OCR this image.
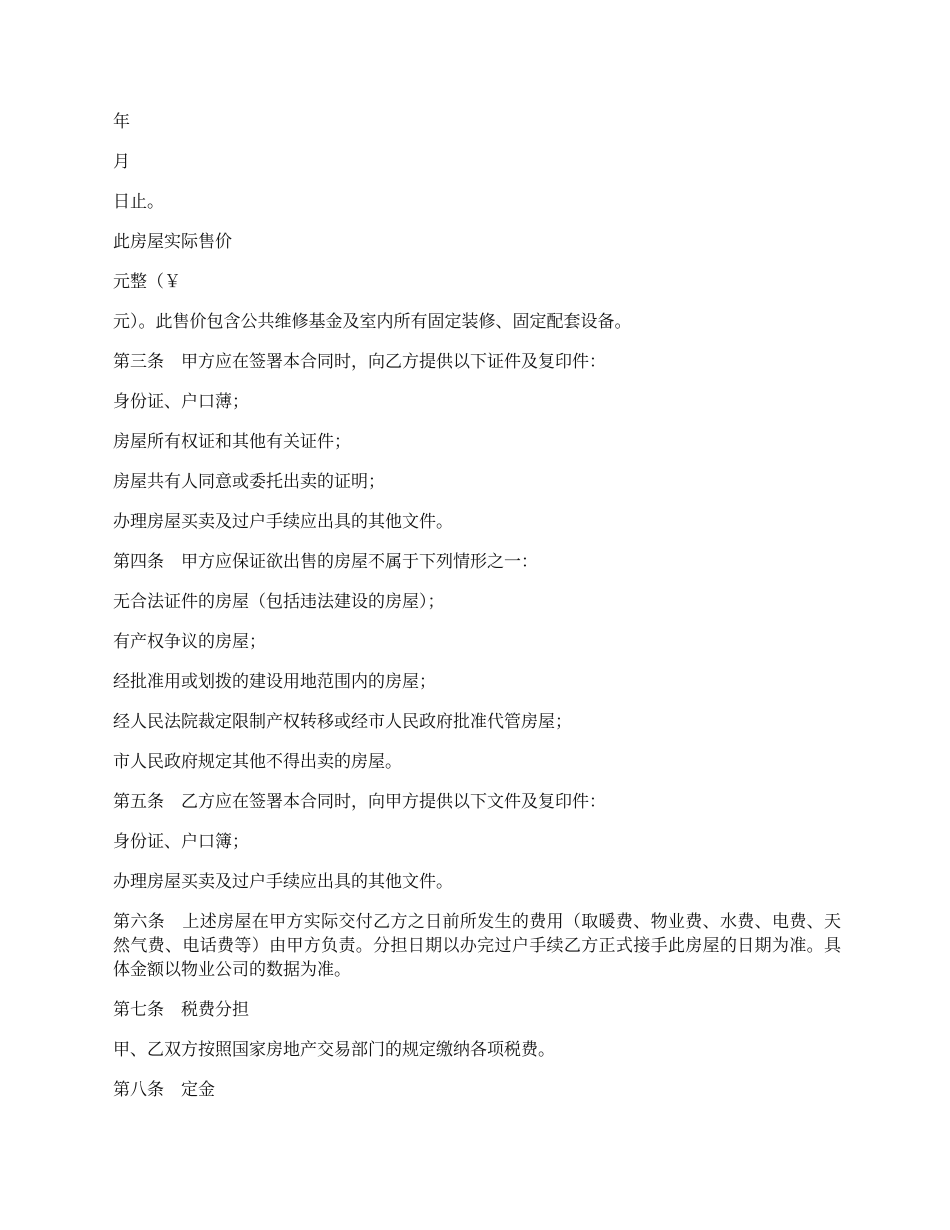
年

月

日止。

此房屋实际售价

元整（￥

元）。此售价包含公共维修基金及室内所有固定装修、固定配套设备。

第三条　甲方应在签署本合同时，向乙方提供以下证件及复印件：

身份证、户口薄；

房屋所有权证和其他有关证件；

房屋共有人同意或委托出卖的证明；

办理房屋买卖及过户手续应出具的其他文件。

第四条　甲方应保证欲出售的房屋不属于下列情形之一：

无合法证件的房屋（包括违法建设的房屋）；

有产权争议的房屋；

经批准用或划拨的建设用地范围内的房屋；

经人民法院裁定限制产权转移或经市人民政府批准代管房屋；

市人民政府规定其他不得出卖的房屋。

第五条　乙方应在签署本合同时，向甲方提供以下文件及复印件：

身份证、户口簿；

办理房屋买卖及过户手续应出具的其他文件。

第六条　上述房屋在甲方实际交付乙方之日前所发生的费用（取暖费、物业费、水费、电费、天然气费、电话费等）由甲方负责。分担日期以办完过户手续乙方正式接手此房屋的日期为准。具体金额以物业公司的数据为准。

第七条　税费分担

甲、乙双方按照国家房地产交易部门的规定缴纳各项税费。

第八条　定金
